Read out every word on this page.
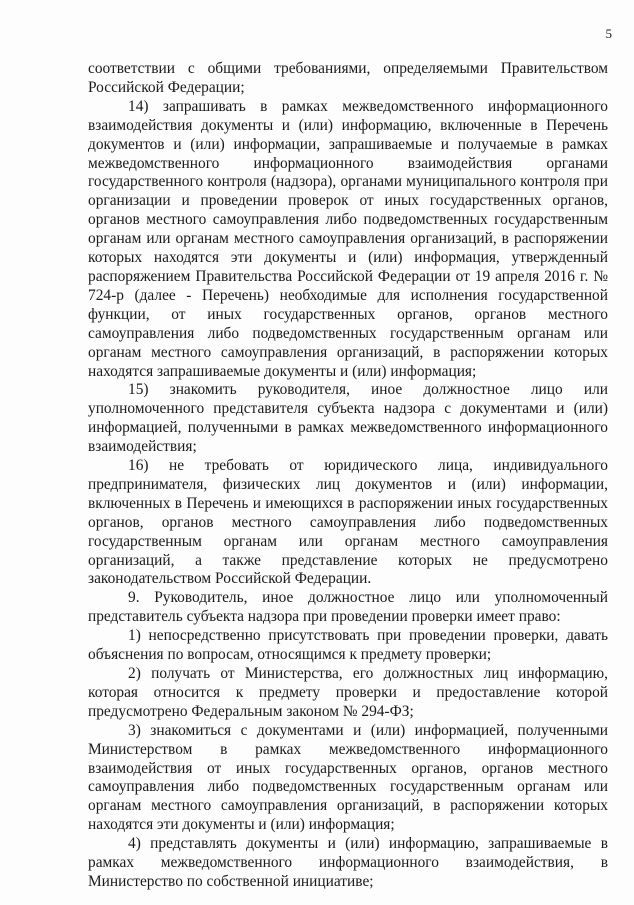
5

соответствии с общими требованиями, определяемыми Правительством Российской Федерации;

14) запрашивать в рамках межведомственного информационного взаимодействия документы и (или) информацию, включенные в Перечень документов и (или) информации, запрашиваемые и получаемые в рамках межведомственного информационного взаимодействия органами государственного контроля (надзора), органами муниципального контроля при организации и проведении проверок от иных государственных органов, органов местного самоуправления либо подведомственных государственным органам или органам местного самоуправления организаций, в распоряжении которых находятся эти документы и (или) информация, утвержденный распоряжением Правительства Российской Федерации от 19 апреля 2016 г. № 724-р (далее - Перечень) необходимые для исполнения государственной функции, от иных государственных органов, органов местного самоуправления либо подведомственных государственным органам или органам местного самоуправления организаций, в распоряжении которых находятся запрашиваемые документы и (или) информация;

15) знакомить руководителя, иное должностное лицо или уполномоченного представителя субъекта надзора с документами и (или) информацией, полученными в рамках межведомственного информационного взаимодействия;

16) не требовать от юридического лица, индивидуального предпринимателя, физических лиц документов и (или) информации, включенных в Перечень и имеющихся в распоряжении иных государственных органов, органов местного самоуправления либо подведомственных государственным органам или органам местного самоуправления организаций, а также представление которых не предусмотрено законодательством Российской Федерации.

9. Руководитель, иное должностное лицо или уполномоченный представитель субъекта надзора при проведении проверки имеет право:

1) непосредственно присутствовать при проведении проверки, давать объяснения по вопросам, относящимся к предмету проверки;

2) получать от Министерства, его должностных лиц информацию, которая относится к предмету проверки и предоставление которой предусмотрено Федеральным законом № 294-ФЗ;

3) знакомиться с документами и (или) информацией, полученными Министерством в рамках межведомственного информационного взаимодействия от иных государственных органов, органов местного самоуправления либо подведомственных государственным органам или органам местного самоуправления организаций, в распоряжении которых находятся эти документы и (или) информация;

4) представлять документы и (или) информацию, запрашиваемые в рамках межведомственного информационного взаимодействия, в Министерство по собственной инициативе;
